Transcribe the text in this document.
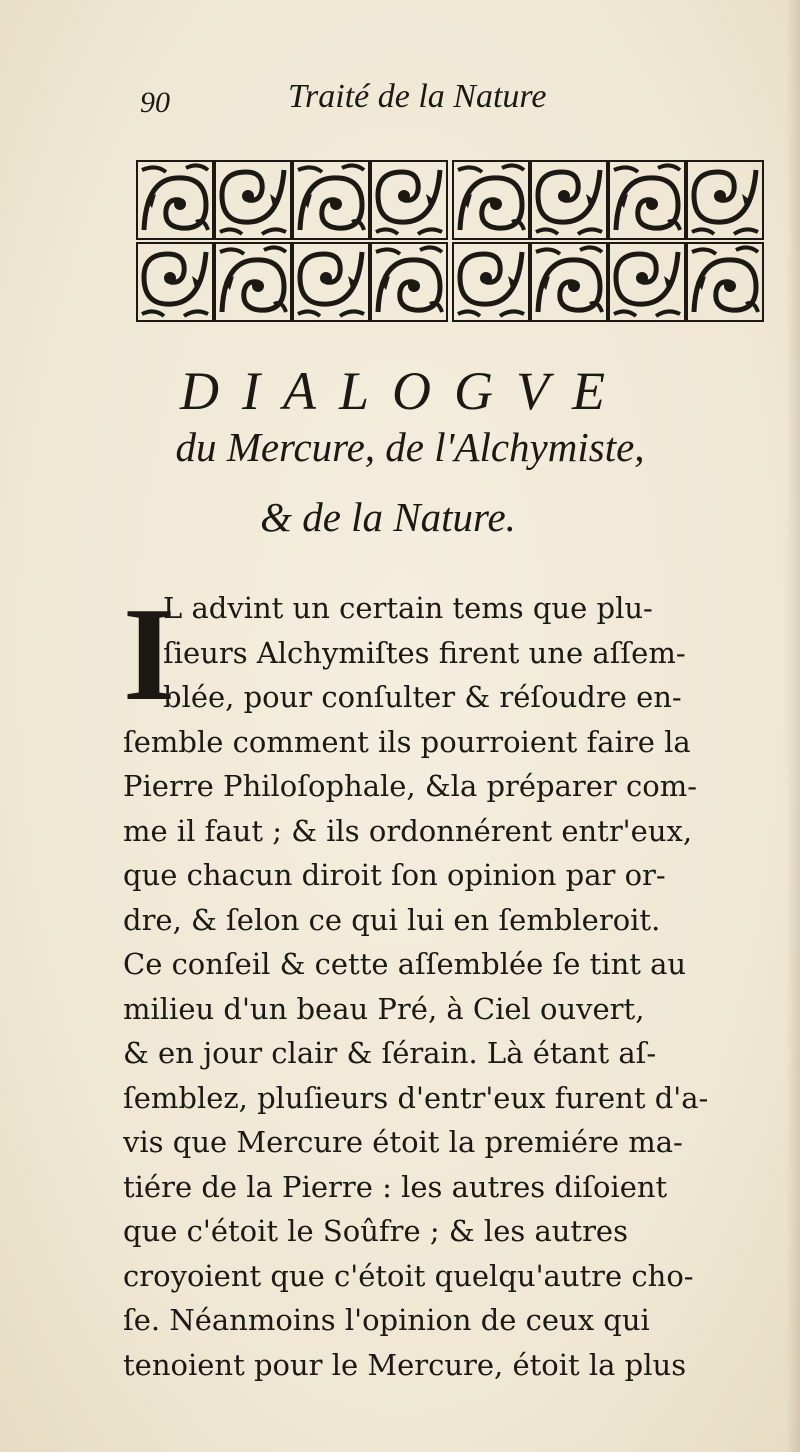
90	Traité de la Nature
DIALOGVE
du Mercure, de l'Alchymiste,
& de la Nature.
I
L advint un certain tems que plu-
ſieurs Alchymiſtes firent une aſſem-
blée, pour conſulter & réſoudre en-
ſemble comment ils pourroient faire la
Pierre Philoſophale, &la préparer com-
me il faut ; & ils ordonnérent entr'eux,
que chacun diroit ſon opinion par or-
dre, & ſelon ce qui lui en ſembleroit.
Ce conſeil & cette aſſemblée ſe tint au
milieu d'un beau Pré, à Ciel ouvert,
& en jour clair & ſérain. Là étant aſ-
ſemblez, pluſieurs d'entr'eux furent d'a-
vis que Mercure étoit la premiére ma-
tiére de la Pierre : les autres diſoient
que c'étoit le Soûfre ; & les autres
croyoient que c'étoit quelqu'autre cho-
ſe. Néanmoins l'opinion de ceux qui
tenoient pour le Mercure, étoit la plus
